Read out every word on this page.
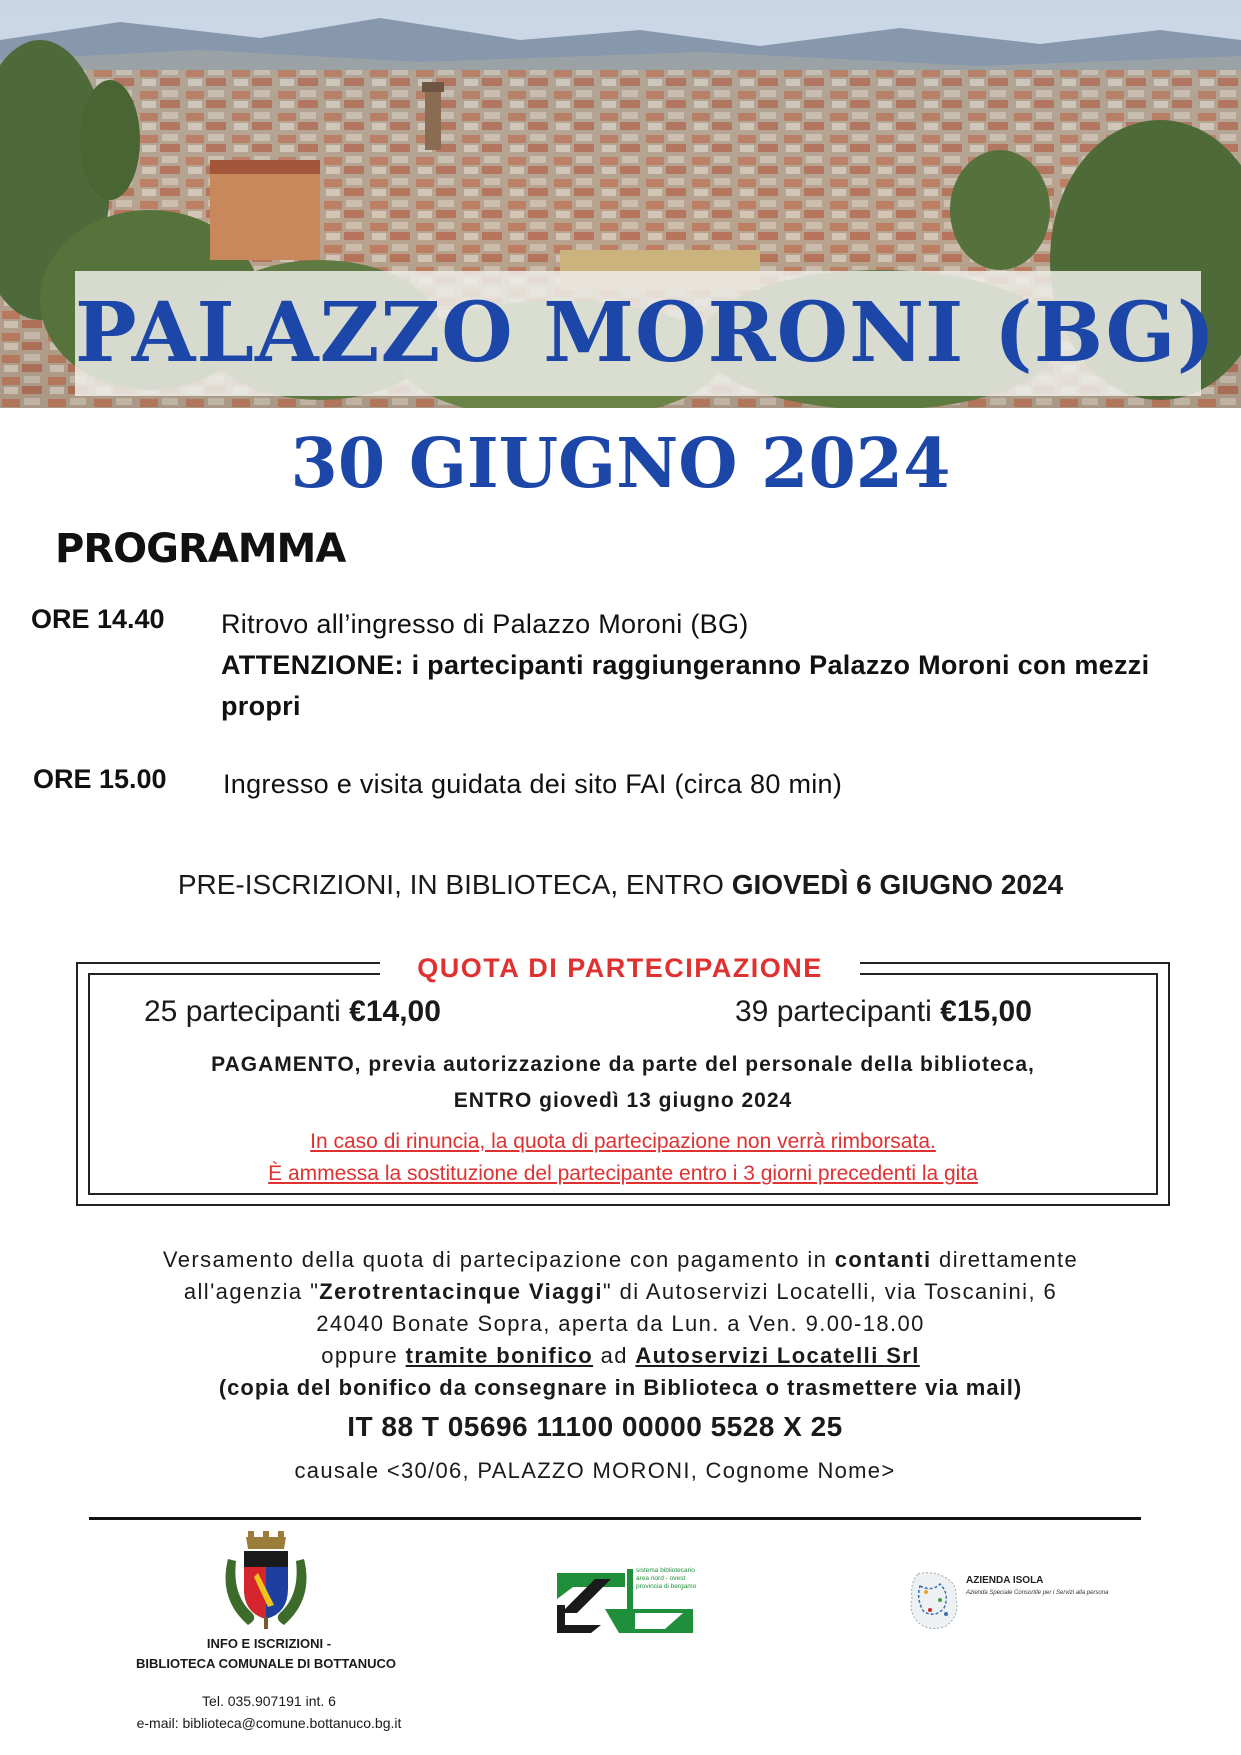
PALAZZO MORONI (BG)
30 GIUGNO 2024
PROGRAMMA
ORE 14.40 Ritrovo all’ingresso di Palazzo Moroni (BG)
ATTENZIONE: i partecipanti raggiungeranno Palazzo Moroni con mezzi propri
ORE 15.00 Ingresso e visita guidata dei sito FAI (circa 80 min)
PRE-ISCRIZIONI, IN BIBLIOTECA, ENTRO GIOVEDÌ 6 GIUGNO 2024
QUOTA DI PARTECIPAZIONE
25 partecipanti €14,00	39 partecipanti €15,00
PAGAMENTO, previa autorizzazione da parte del personale della biblioteca,
ENTRO giovedì 13 giugno 2024
In caso di rinuncia, la quota di partecipazione non verrà rimborsata.
È ammessa la sostituzione del partecipante entro i 3 giorni precedenti la gita
Versamento della quota di partecipazione con pagamento in contanti direttamente
all'agenzia "Zerotrentacinque Viaggi" di Autoservizi Locatelli, via Toscanini, 6
24040 Bonate Sopra, aperta da Lun. a Ven. 9.00-18.00
oppure tramite bonifico ad Autoservizi Locatelli Srl
(copia del bonifico da consegnare in Biblioteca o trasmettere via mail)
IT 88 T 05696 11100 00000 5528 X 25
causale <30/06, PALAZZO MORONI, Cognome Nome>
INFO E ISCRIZIONI -
BIBLIOTECA COMUNALE DI BOTTANUCO
Tel. 035.907191 int. 6
e-mail: biblioteca@comune.bottanuco.bg.it
sistema bibliotecario
area nord - ovest
provincia di bergamo
AZIENDA ISOLA
Azienda Speciale Consortile per i Servizi alla persona
